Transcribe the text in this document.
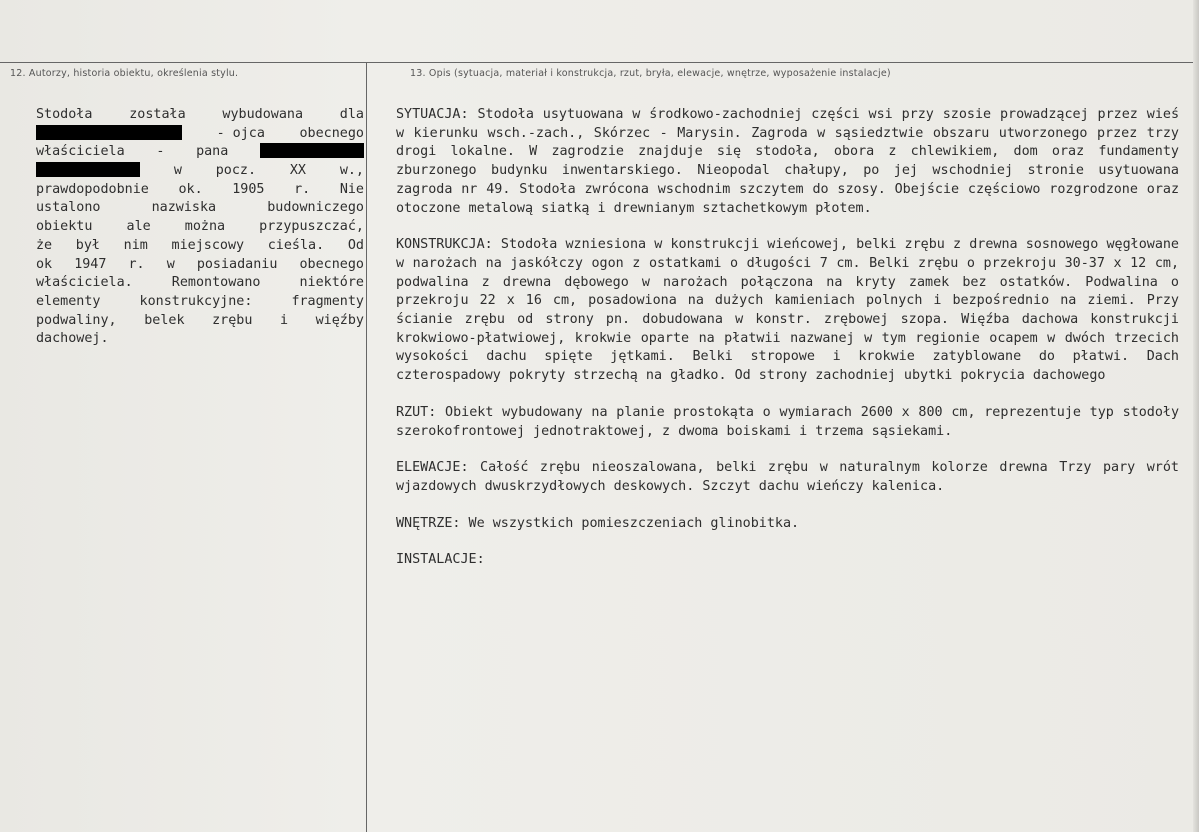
12. Autorzy, historia obiektu, określenia stylu.	13. Opis (sytuacja, materiał i konstrukcja, rzut, bryła, elewacje, wnętrze, wyposażenie instalacje)
Stodoła	została	wybudowana	dla
- ojca	obecnego
właściciela - pana
w	pocz.	XX	w.,
prawdopodobnie ok. 1905 r. Nie
ustalono	nazwiska	budowniczego
obiektu	ale	można	przypuszczać,
że był nim miejscowy cieśla. Od
ok 1947 r. w posiadaniu obecnego
właściciela.	Remontowano	niektóre
elementy	konstrukcyjne:	fragmenty
podwaliny, belek zrębu i więźby
dachowej.

SYTUACJA: Stodoła usytuowana w środkowo-zachodniej części wsi przy szosie prowadzącej przez wieś w kierunku wsch.-zach., Skórzec - Marysin. Zagroda w sąsiedztwie obszaru utworzonego przez trzy drogi lokalne. W zagrodzie znajduje się stodoła, obora z chlewikiem, dom oraz fundamenty zburzonego budynku inwentarskiego. Nieopodal chałupy, po jej wschodniej stronie usytuowana zagroda nr 49. Stodoła zwrócona wschodnim szczytem do szosy. Obejście częściowo rozgrodzone oraz otoczone metalową siatką i drewnianym sztachetkowym płotem.

KONSTRUKCJA: Stodoła wzniesiona w konstrukcji wieńcowej, belki zrębu z drewna sosnowego węgłowane w narożach na jaskółczy ogon z ostatkami o długości 7 cm. Belki zrębu o przekroju 30-37 x 12 cm, podwalina z drewna dębowego w narożach połączona na kryty zamek bez ostatków. Podwalina o przekroju 22 x 16 cm, posadowiona na dużych kamieniach polnych i bezpośrednio na ziemi. Przy ścianie zrębu od strony pn. dobudowana w konstr. zrębowej szopa. Więźba dachowa konstrukcji krokwiowo-płatwiowej, krokwie oparte na płatwii nazwanej w tym regionie ocapem w dwóch trzecich wysokości dachu spięte jętkami. Belki stropowe i krokwie zatyblowane do płatwi. Dach czterospadowy pokryty strzechą na gładko. Od strony zachodniej ubytki pokrycia dachowego

RZUT: Obiekt wybudowany na planie prostokąta o wymiarach 2600 x 800 cm, reprezentuje typ stodoły szerokofrontowej jednotraktowej, z dwoma boiskami i trzema sąsiekami.

ELEWACJE: Całość zrębu nieoszalowana, belki zrębu w naturalnym kolorze drewna Trzy pary wrót wjazdowych dwuskrzydłowych deskowych. Szczyt dachu wieńczy kalenica.

WNĘTRZE: We wszystkich pomieszczeniach glinobitka.

INSTALACJE:
